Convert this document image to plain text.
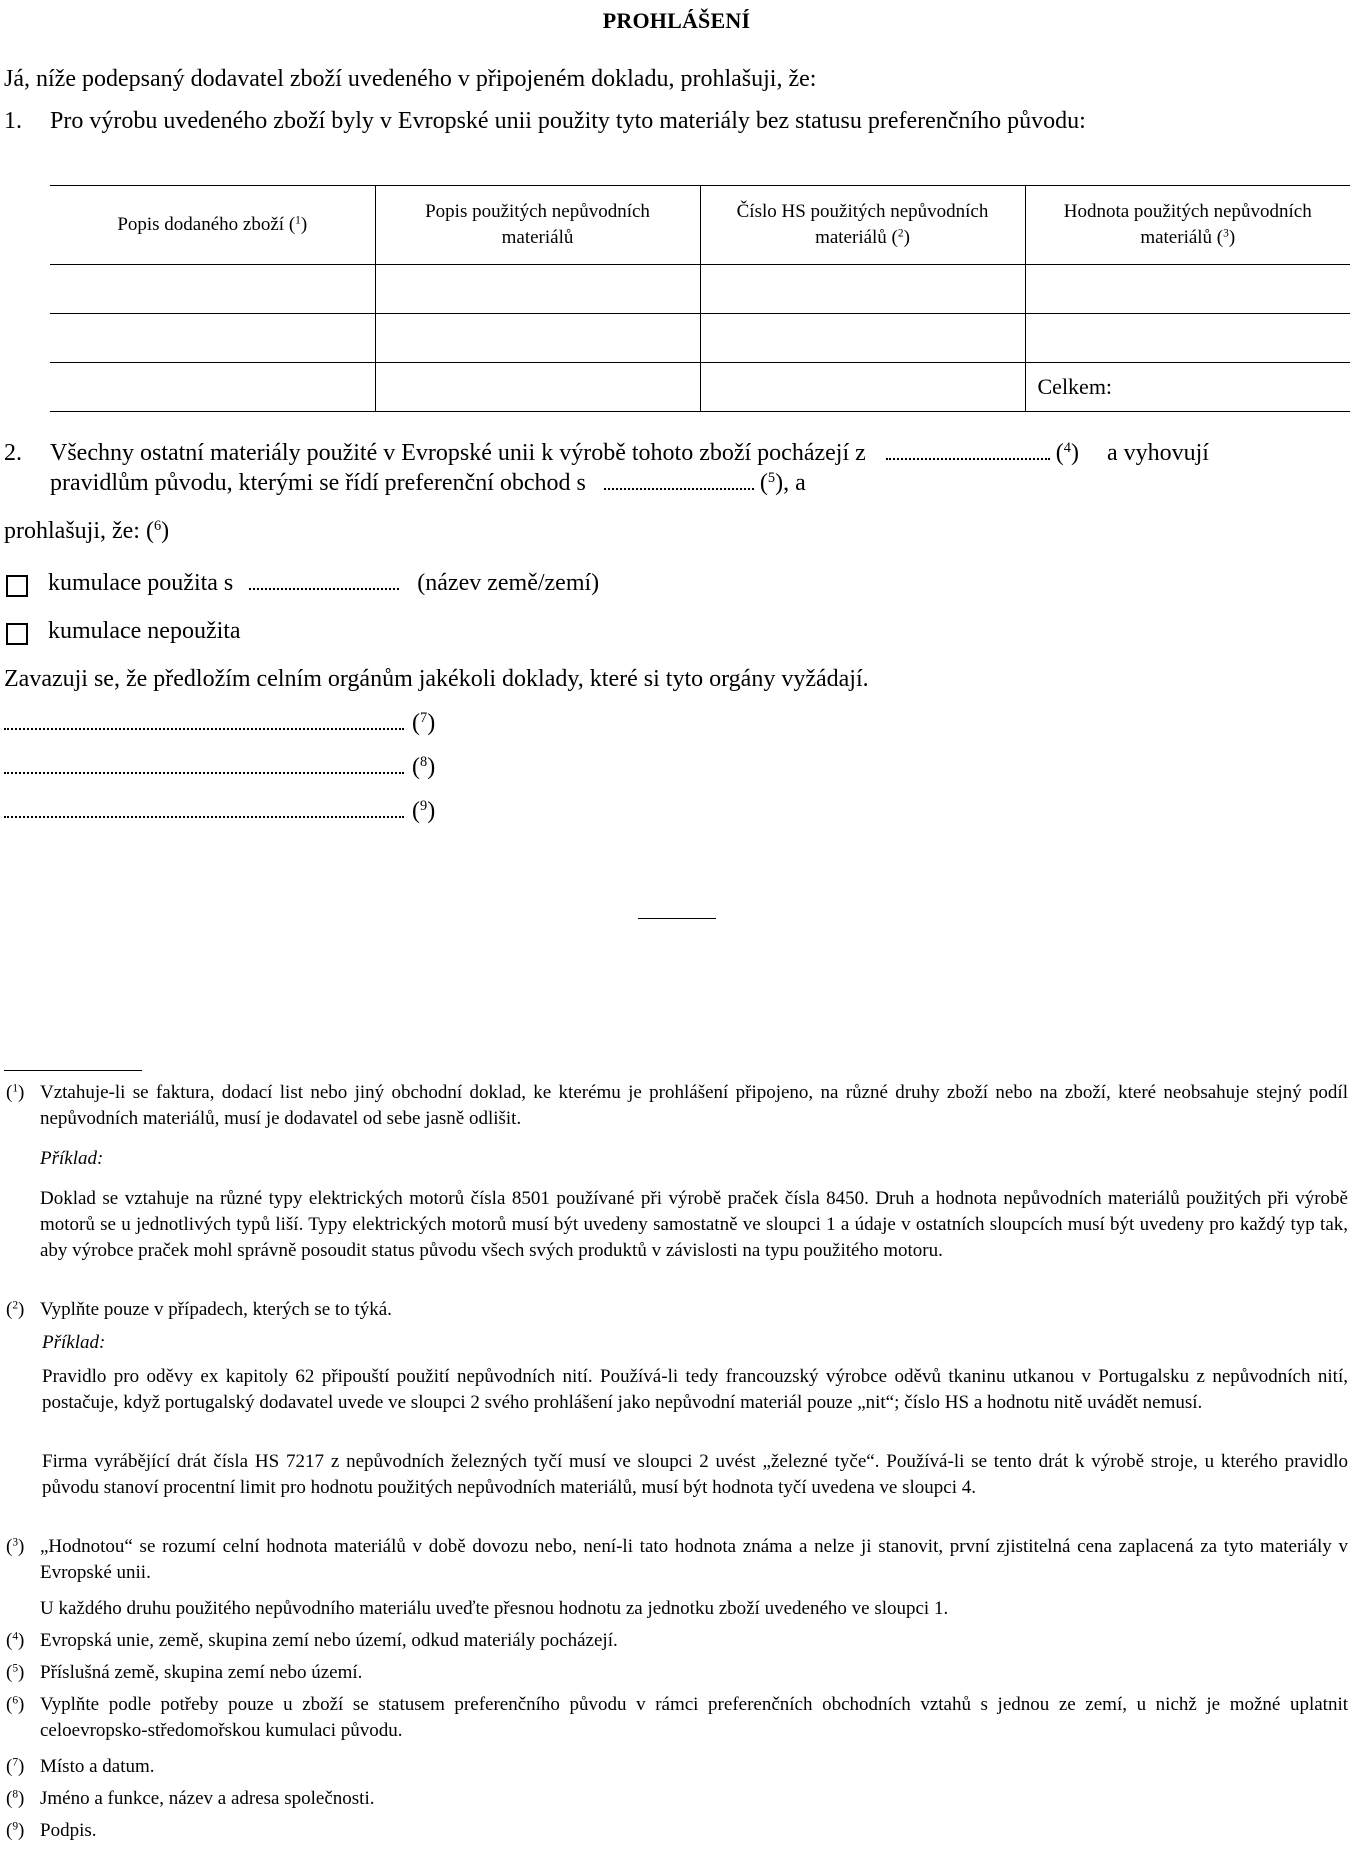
PROHLÁŠENÍ
Já, níže podepsaný dodavatel zboží uvedeného v připojeném dokladu, prohlašuji, že:
1. Pro výrobu uvedeného zboží byly v Evropské unii použity tyto materiály bez statusu preferenčního původu:
Popis dodaného zboží ($^1$)	Popis použitých nepůvodních materiálů	Číslo HS použitých nepůvodních materiálů ($^2$)	Hodnota použitých nepůvodních materiálů ($^3$)

			Celkem:
2. Všechny ostatní materiály použité v Evropské unii k výrobě tohoto zboží pocházejí z	($^4$) a vyhovují
pravidlům původu, kterými se řídí preferenční obchod s	($^5$), a
prohlašuji, že: ($^6$)
kumulace použita s	(název země/zemí)
kumulace nepoužita
Zavazuji se, že předložím celním orgánům jakékoli doklady, které si tyto orgány vyžádají.
($^7$)
($^8$)
($^9$)
($^1$) Vztahuje-li se faktura, dodací list nebo jiný obchodní doklad, ke kterému je prohlášení připojeno, na různé druhy zboží nebo na zboží, které neobsahuje stejný podíl nepůvodních materiálů, musí je dodavatel od sebe jasně odlišit.
Příklad:
Doklad se vztahuje na různé typy elektrických motorů čísla 8501 používané při výrobě praček čísla 8450. Druh a hodnota nepůvodních materiálů použitých při výrobě motorů se u jednotlivých typů liší. Typy elektrických motorů musí být uvedeny samostatně ve sloupci 1 a údaje v ostatních sloupcích musí být uvedeny pro každý typ tak, aby výrobce praček mohl správně posoudit status původu všech svých produktů v závislosti na typu použitého motoru.
($^2$) Vyplňte pouze v případech, kterých se to týká.
Příklad:
Pravidlo pro oděvy ex kapitoly 62 připouští použití nepůvodních nití. Používá-li tedy francouzský výrobce oděvů tkaninu utkanou v Portugalsku z nepůvodních nití, postačuje, když portugalský dodavatel uvede ve sloupci 2 svého prohlášení jako nepůvodní materiál pouze „nit“; číslo HS a hodnotu nitě uvádět nemusí.
Firma vyrábějící drát čísla HS 7217 z nepůvodních železných tyčí musí ve sloupci 2 uvést „železné tyče“. Používá-li se tento drát k výrobě stroje, u kterého pravidlo původu stanoví procentní limit pro hodnotu použitých nepůvodních materiálů, musí být hodnota tyčí uvedena ve sloupci 4.
($^3$) „Hodnotou“ se rozumí celní hodnota materiálů v době dovozu nebo, není-li tato hodnota známa a nelze ji stanovit, první zjistitelná cena zaplacená za tyto materiály v Evropské unii.
U každého druhu použitého nepůvodního materiálu uveďte přesnou hodnotu za jednotku zboží uvedeného ve sloupci 1.
($^4$) Evropská unie, země, skupina zemí nebo území, odkud materiály pocházejí.
($^5$) Příslušná země, skupina zemí nebo území.
($^6$) Vyplňte podle potřeby pouze u zboží se statusem preferenčního původu v rámci preferenčních obchodních vztahů s jednou ze zemí, u nichž je možné uplatnit celoevropsko-středomořskou kumulaci původu.
($^7$) Místo a datum.
($^8$) Jméno a funkce, název a adresa společnosti.
($^9$) Podpis.
